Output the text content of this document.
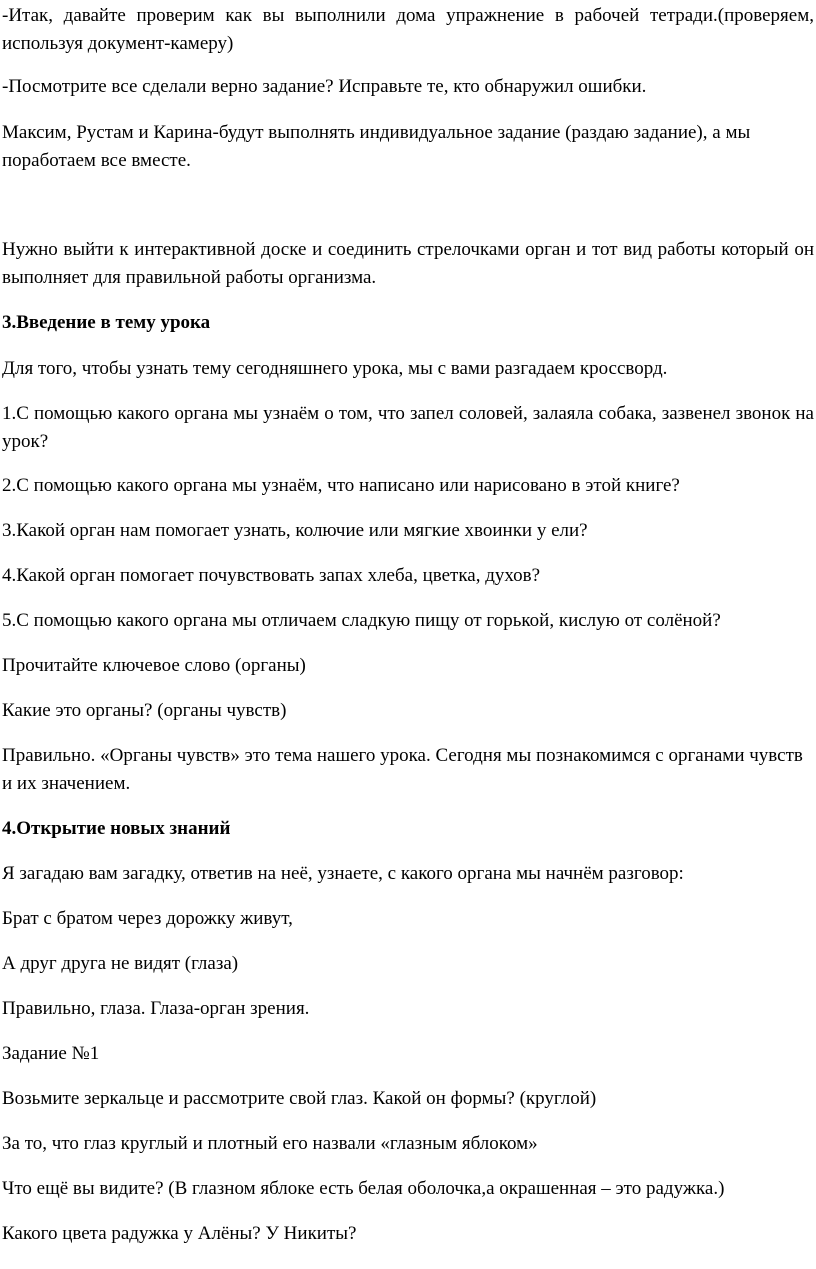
-Итак, давайте проверим как вы выполнили дома упражнение в рабочей тетради.(проверяем, используя документ-камеру)

-Посмотрите все сделали верно задание? Исправьте те, кто обнаружил ошибки.

Максим, Рустам и Карина-будут выполнять индивидуальное задание (раздаю задание), а мы поработаем все вместе.

Нужно выйти к интерактивной доске и соединить стрелочками орган и тот вид работы который он выполняет для правильной работы организма.

3.Введение в тему урока

Для того, чтобы узнать тему сегодняшнего урока, мы с вами разгадаем кроссворд.

1.С помощью какого органа мы узнаём о том, что запел соловей, залаяла собака, зазвенел звонок на урок?

2.С помощью какого органа мы узнаём, что написано или нарисовано в этой книге?

3.Какой орган нам помогает узнать, колючие или мягкие хвоинки у ели?

4.Какой орган помогает почувствовать запах хлеба, цветка, духов?

5.С помощью какого органа мы отличаем сладкую пищу от горькой, кислую от солёной?

Прочитайте ключевое слово (органы)

Какие это органы? (органы чувств)

Правильно. «Органы чувств» это тема нашего урока. Сегодня мы познакомимся с органами чувств и их значением.

4.Открытие новых знаний

Я загадаю вам загадку, ответив на неё, узнаете, с какого органа мы начнём разговор:

Брат с братом через дорожку живут,

А друг друга не видят (глаза)

Правильно, глаза. Глаза-орган зрения.

Задание №1

Возьмите зеркальце и рассмотрите свой глаз. Какой он формы? (круглой)

За то, что глаз круглый и плотный его назвали «глазным яблоком»

Что ещё вы видите? (В глазном яблоке есть белая оболочка,а окрашенная – это радужка.)

Какого цвета радужка у Алёны? У Никиты?
